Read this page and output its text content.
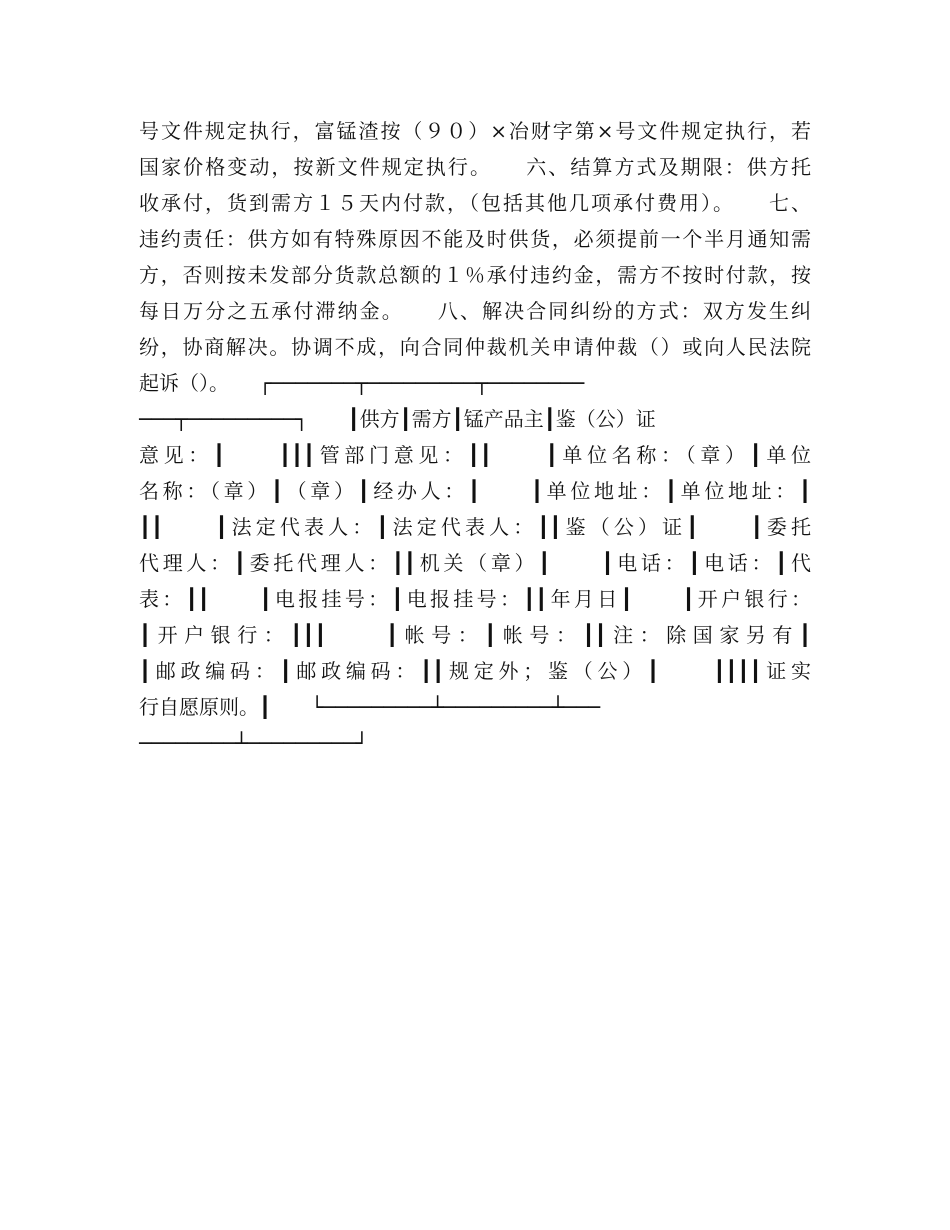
号文件规定执行，富锰渣按（９０）×冶财字第×号文件规定执行，若
国家价格变动，按新文件规定执行。　　六、结算方式及期限：供方托
收承付，货到需方１５天内付款，（包括其他几项承付费用）。　　七、
违约责任：供方如有特殊原因不能及时供货，必须提前一个半月通知需
方，否则按未发部分货款总额的１％承付违约金，需方不按时付款，按
每日万分之五承付滞纳金。　　八、解决合同纠纷的方式：双方发生纠
纷，协商解决。协调不成，向合同仲裁机关申请仲裁（）或向人民法院
起诉（）。　　┌───────┬─────────┬────────
───┬─────────┐　　┃供方┃需方┃锰产品主┃鉴（公）证
意见：┃　　┃┃┃管部门意见：┃┃　　┃单位名称：（章）┃单位
名称：（章）┃（章）┃经办人：┃　　┃单位地址：┃单位地址：┃
┃┃　　┃法定代表人：┃法定代表人：┃┃鉴（公）证┃　　┃委托
代理人：┃委托代理人：┃┃机关（章）┃　　┃电话：┃电话：┃代
表：┃┃　　┃电报挂号：┃电报挂号：┃┃年月日┃　　┃开户银行：
┃开户银行：┃┃┃　　┃帐号：┃帐号：┃┃注：除国家另有┃
┃邮政编码：┃邮政编码：┃┃规定外；鉴（公）┃　　┃┃┃┃证实
行自愿原则。┃　　└─────────┴─────────┴───
────────┴─────────┘
